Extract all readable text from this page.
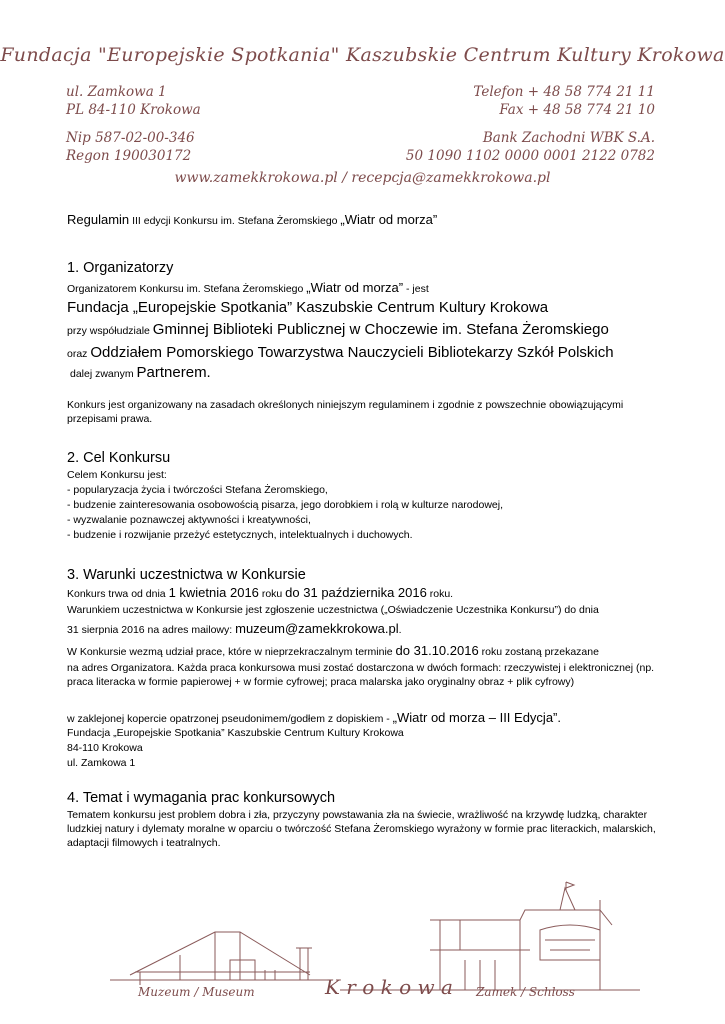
Fundacja "Europejskie Spotkania" Kaszubskie Centrum Kultury Krokowa
ul. Zamkowa 1
PL 84-110 Krokowa
Telefon + 48 58 774 21 11
Fax + 48 58 774 21 10
Nip 587-02-00-346
Regon 190030172
Bank Zachodni WBK S.A.
50 1090 1102 0000 0001 2122 0782
www.zamekkrokowa.pl / recepcja@zamekkrokowa.pl
Regulamin III edycji Konkursu im. Stefana Żeromskiego „Wiatr od morza”
1. Organizatorzy
Organizatorem Konkursu im. Stefana Żeromskiego „Wiatr od morza” - jest
Fundacja „Europejskie Spotkania” Kaszubskie Centrum Kultury Krokowa
przy współudziale Gminnej Biblioteki Publicznej w Choczewie im. Stefana Żeromskiego
oraz Oddziałem Pomorskiego Towarzystwa Nauczycieli Bibliotekarzy Szkół Polskich
dalej zwanym Partnerem.
Konkurs jest organizowany na zasadach określonych niniejszym regulaminem i zgodnie z powszechnie obowiązującymi przepisami prawa.
2. Cel Konkursu
Celem Konkursu jest:
- popularyzacja życia i twórczości Stefana Żeromskiego,
- budzenie zainteresowania osobowością pisarza, jego dorobkiem i rolą w kulturze narodowej,
- wyzwalanie poznawczej aktywności i kreatywności,
- budzenie i rozwijanie przeżyć estetycznych, intelektualnych i duchowych.
3. Warunki uczestnictwa w Konkursie
Konkurs trwa od dnia 1 kwietnia 2016 roku do 31 października 2016 roku.
Warunkiem uczestnictwa w Konkursie jest zgłoszenie uczestnictwa („Oświadczenie Uczestnika Konkursu”) do dnia
31 sierpnia 2016 na adres mailowy: muzeum@zamekkrokowa.pl.
W Konkursie wezmą udział prace, które w nieprzekraczalnym terminie do 31.10.2016 roku zostaną przekazane
na adres Organizatora. Każda praca konkursowa musi zostać dostarczona w dwóch formach: rzeczywistej i elektronicznej (np. praca literacka w formie papierowej + w formie cyfrowej; praca malarska jako oryginalny obraz + plik cyfrowy)
w zaklejonej kopercie opatrzonej pseudonimem/godłem z dopiskiem - „Wiatr od morza – III Edycja”.
Fundacja „Europejskie Spotkania” Kaszubskie Centrum Kultury Krokowa
84-110 Krokowa
ul. Zamkowa 1
4. Temat i wymagania prac konkursowych
Tematem konkursu jest problem dobra i zła, przyczyny powstawania zła na świecie, wrażliwość na krzywdę ludzką, charakter ludzkiej natury i dylematy moralne w oparciu o twórczość Stefana Żeromskiego wyrażony w formie prac literackich, malarskich, adaptacji filmowych i teatralnych.
Muzeum / Museum	K r o k o w a Zamek / Schloss
